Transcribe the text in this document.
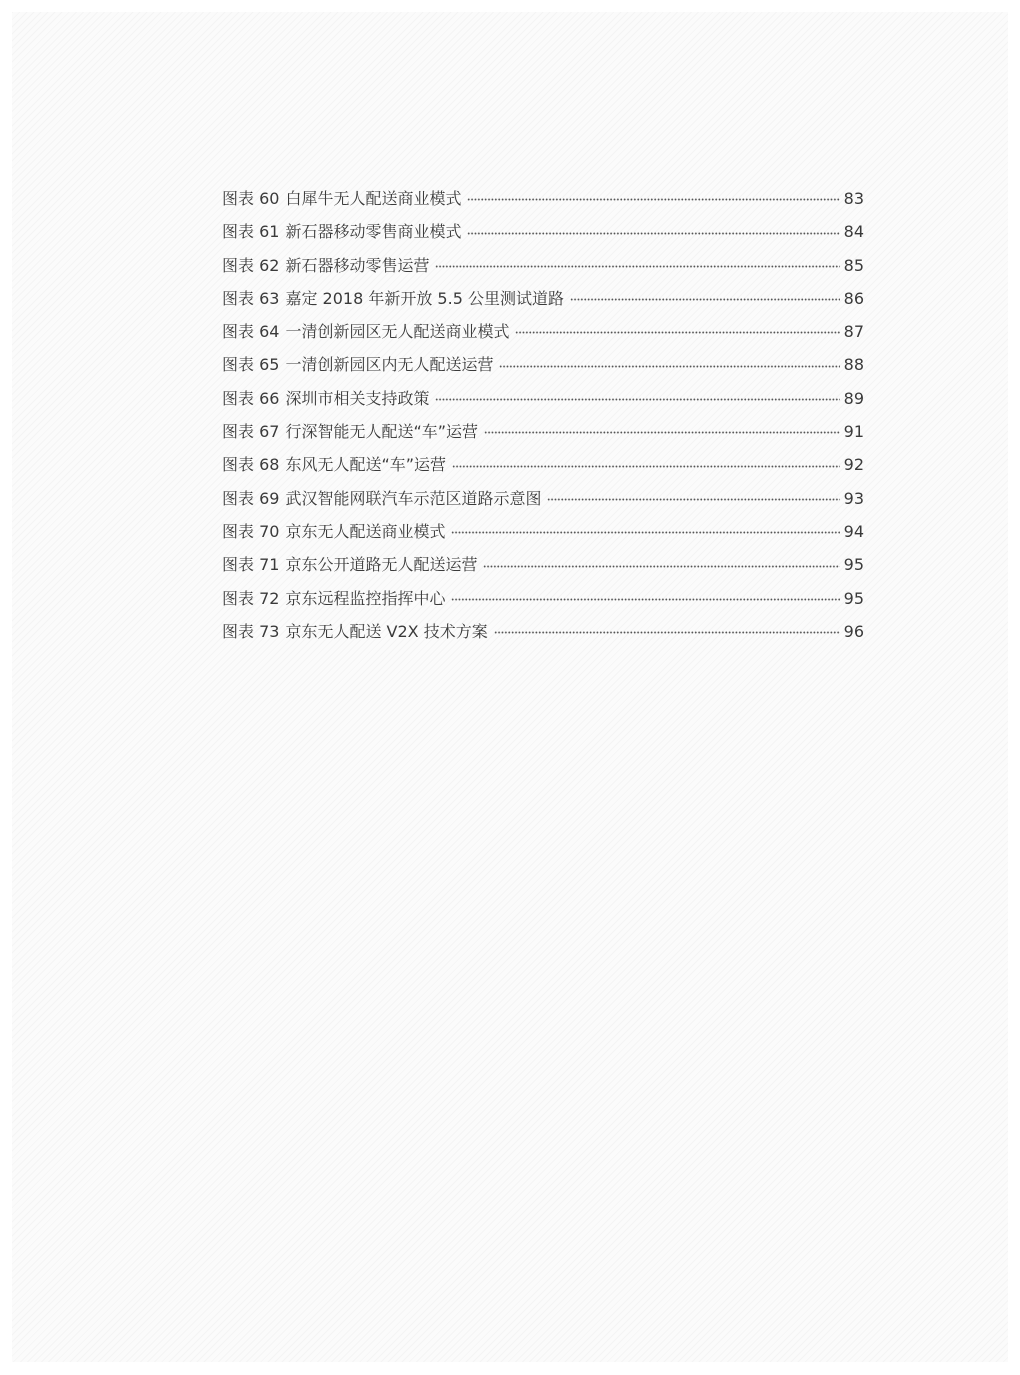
图表 60 白犀牛无人配送商业模式	83
图表 61 新石器移动零售商业模式	84
图表 62 新石器移动零售运营	85
图表 63 嘉定 2018 年新开放 5.5 公里测试道路	86
图表 64 一清创新园区无人配送商业模式	87
图表 65 一清创新园区内无人配送运营	88
图表 66 深圳市相关支持政策	89
图表 67 行深智能无人配送“车”运营	91
图表 68 东风无人配送“车”运营	92
图表 69 武汉智能网联汽车示范区道路示意图	93
图表 70 京东无人配送商业模式	94
图表 71 京东公开道路无人配送运营	95
图表 72 京东远程监控指挥中心	95
图表 73 京东无人配送 V2X 技术方案	96
